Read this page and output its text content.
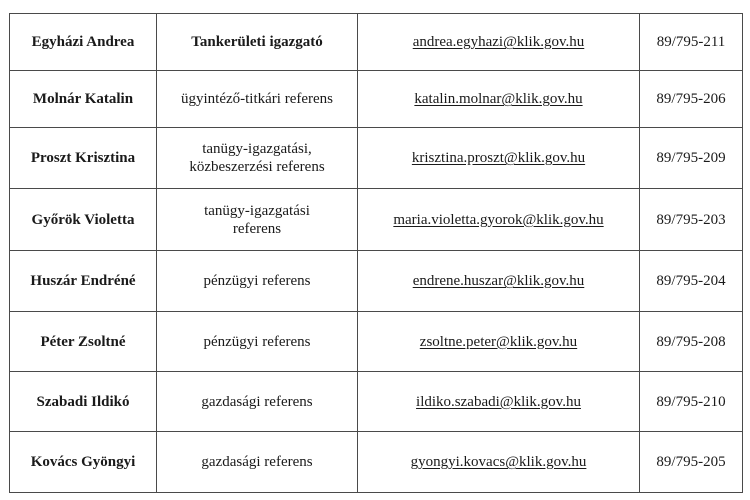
Egyházi Andrea	Tankerületi igazgató	andrea.egyhazi@klik.gov.hu	89/795-211
Molnár Katalin	ügyintéző-titkári referens	katalin.molnar@klik.gov.hu	89/795-206
Proszt Krisztina	tanügy-igazgatási,
közbeszerzési referens	krisztina.proszt@klik.gov.hu	89/795-209
Győrök Violetta	tanügy-igazgatási
referens	maria.violetta.gyorok@klik.gov.hu	89/795-203
Huszár Endréné	pénzügyi referens	endrene.huszar@klik.gov.hu	89/795-204
Péter Zsoltné	pénzügyi referens	zsoltne.peter@klik.gov.hu	89/795-208
Szabadi Ildikó	gazdasági referens	ildiko.szabadi@klik.gov.hu	89/795-210
Kovács Gyöngyi	gazdasági referens	gyongyi.kovacs@klik.gov.hu	89/795-205
